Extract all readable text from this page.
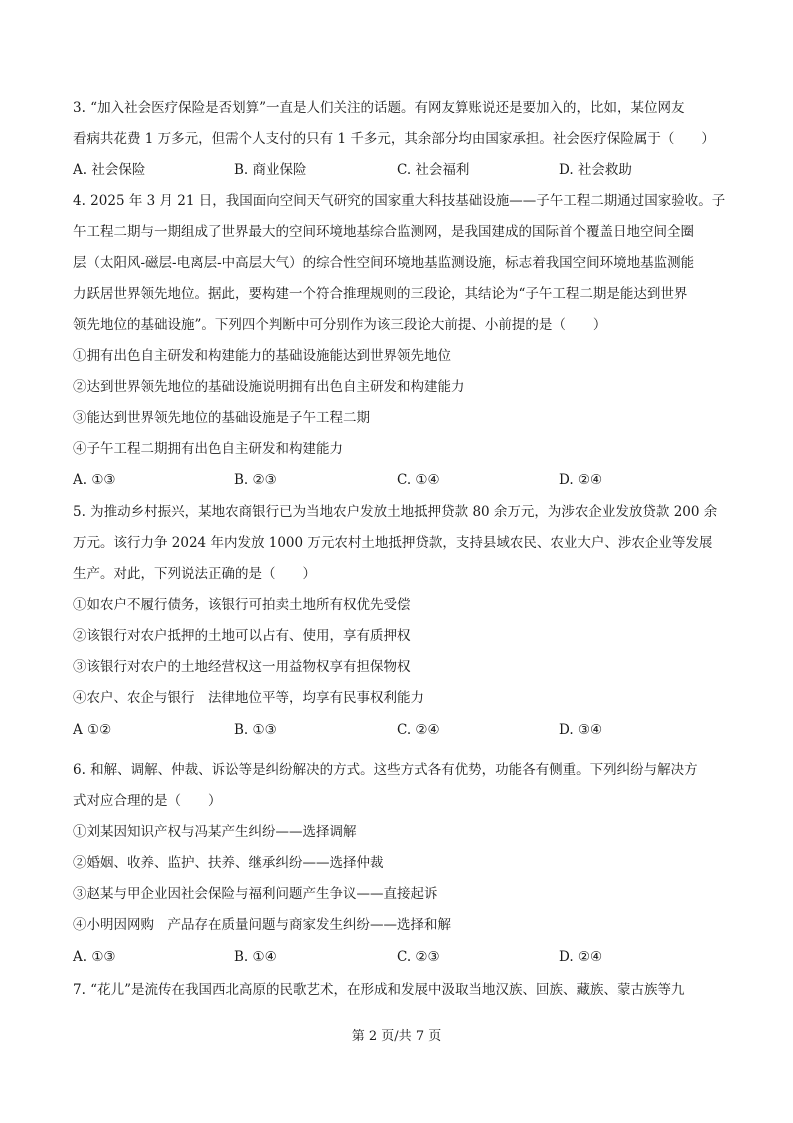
3. “加入社会医疗保险是否划算”一直是人们关注的话题。有网友算账说还是要加入的，比如，某位网友
看病共花费 1 万多元，但需个人支付的只有 1 千多元，其余部分均由国家承担。社会医疗保险属于（　　）
A. 社会保险	B. 商业保险	C. 社会福利	D. 社会救助
4. 2025 年 3 月 21 日，我国面向空间天气研究的国家重大科技基础设施——子午工程二期通过国家验收。子
午工程二期与一期组成了世界最大的空间环境地基综合监测网，是我国建成的国际首个覆盖日地空间全圈
层（太阳风-磁层-电离层-中高层大气）的综合性空间环境地基监测设施，标志着我国空间环境地基监测能
力跃居世界领先地位。据此，要构建一个符合推理规则的三段论，其结论为“子午工程二期是能达到世界
领先地位的基础设施”。下列四个判断中可分别作为该三段论大前提、小前提的是（　　）
①拥有出色自主研发和构建能力的基础设施能达到世界领先地位
②达到世界领先地位的基础设施说明拥有出色自主研发和构建能力
③能达到世界领先地位的基础设施是子午工程二期
④子午工程二期拥有出色自主研发和构建能力
A. ①③	B. ②③	C. ①④	D. ②④
5. 为推动乡村振兴，某地农商银行已为当地农户发放土地抵押贷款 80 余万元，为涉农企业发放贷款 200 余
万元。该行力争 2024 年内发放 1000 万元农村土地抵押贷款，支持县域农民、农业大户、涉农企业等发展
生产。对此，下列说法正确的是（　　）
①如农户不履行债务，该银行可拍卖土地所有权优先受偿
②该银行对农户抵押的土地可以占有、使用，享有质押权
③该银行对农户的土地经营权这一用益物权享有担保物权
④农户、农企与银行　法律地位平等，均享有民事权利能力
A ①②	B. ①③	C. ②④	D. ③④
6. 和解、调解、仲裁、诉讼等是纠纷解决的方式。这些方式各有优势，功能各有侧重。下列纠纷与解决方
式对应合理的是（　　）
①刘某因知识产权与冯某产生纠纷——选择调解
②婚姻、收养、监护、扶养、继承纠纷——选择仲裁
③赵某与甲企业因社会保险与福利问题产生争议——直接起诉
④小明因网购　产品存在质量问题与商家发生纠纷——选择和解
A. ①③	B. ①④	C. ②③	D. ②④
7. “花儿”是流传在我国西北高原的民歌艺术，在形成和发展中汲取当地汉族、回族、藏族、蒙古族等九
第 2 页/共 7 页
